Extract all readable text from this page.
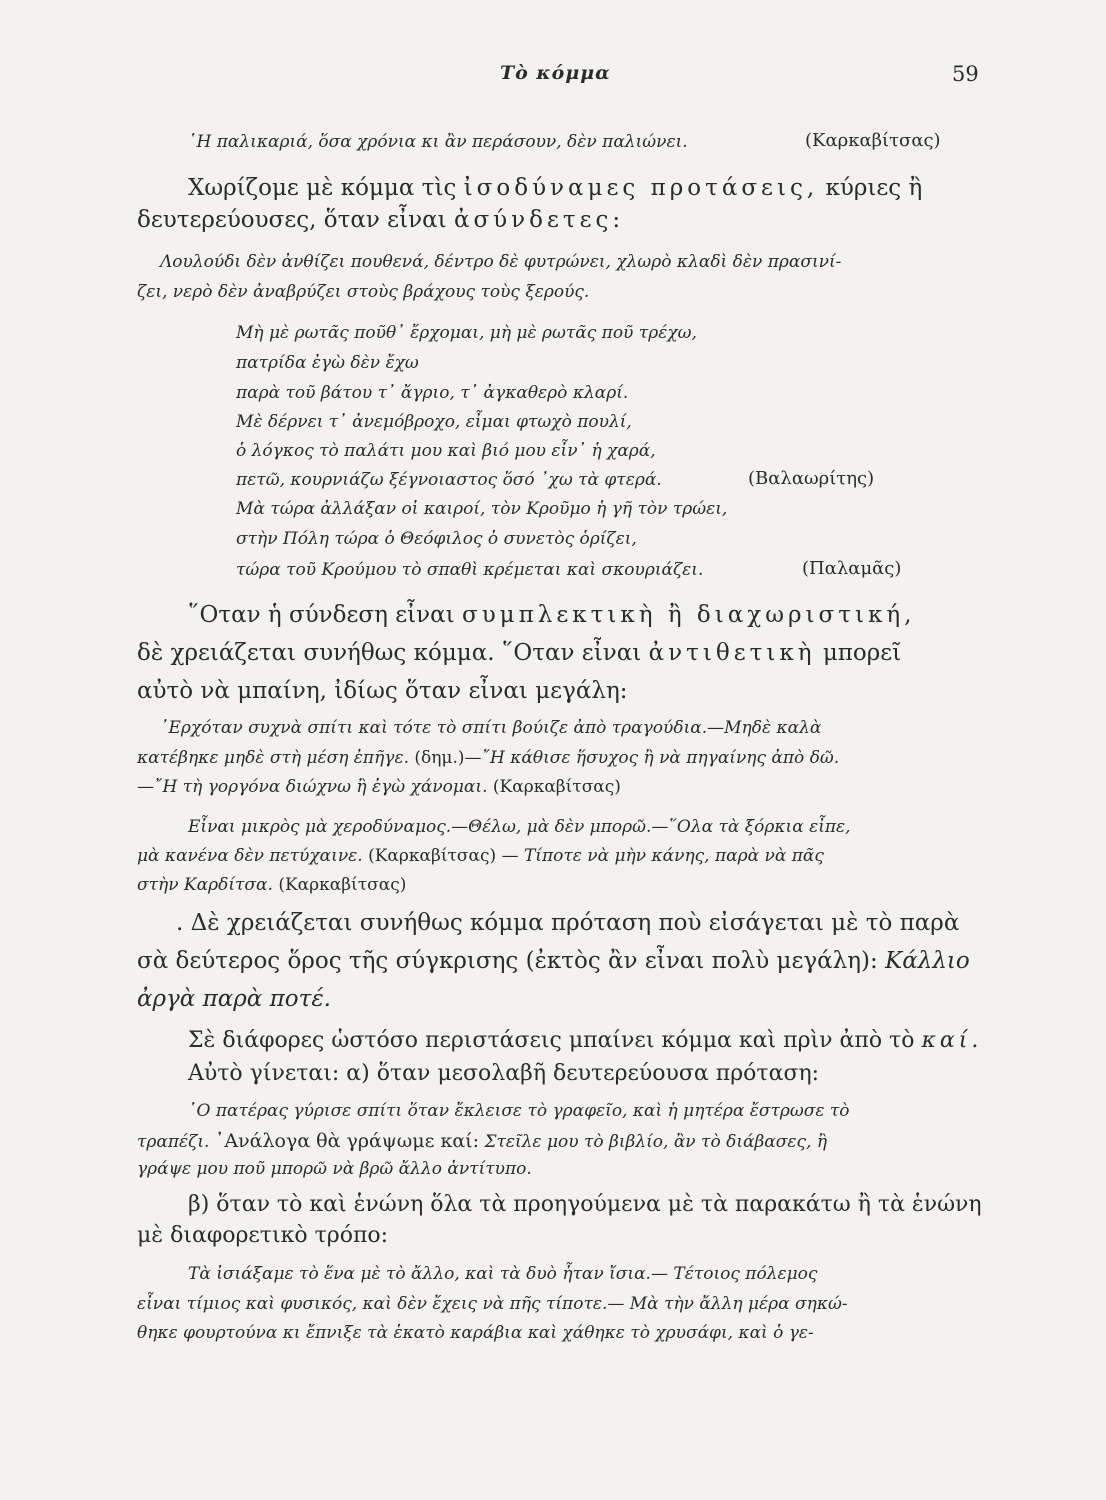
Τὸ κόμμα	59
῾Η παλικαριά, ὅσα χρόνια κι ἂν περάσουν, δὲν παλιώνει.	(Καρκαβίτσας)
Χωρίζομε μὲ κόμμα τὶς ἰσοδύναμες προτάσεις, κύριες ἢ
δευτερεύουσες, ὅταν εἶναι ἀσύνδετες:
Λουλούδι δὲν ἀνθίζει πουθενά, δέντρο δὲ φυτρώνει, χλωρὸ κλαδὶ δὲν πρασινί-
ζει, νερὸ δὲν ἀναβρύζει στοὺς βράχους τοὺς ξερούς.
Μὴ μὲ ρωτᾶς ποῦθ᾽ ἔρχομαι, μὴ μὲ ρωτᾶς ποῦ τρέχω,
πατρίδα ἐγὼ δὲν ἔχω
παρὰ τοῦ βάτου τ᾽ ἄγριο, τ᾽ ἀγκαθερὸ κλαρί.
Μὲ δέρνει τ᾽ ἀνεμόβροχο, εἶμαι φτωχὸ πουλί,
ὁ λόγκος τὸ παλάτι μου καὶ βιό μου εἶν᾽ ἡ χαρά,
πετῶ, κουρνιάζω ξέγνοιαστος ὅσό ᾽χω τὰ φτερά.	(Βαλαωρίτης)
Μὰ τώρα ἀλλάξαν οἱ καιροί, τὸν Κροῦμο ἡ γῆ τὸν τρώει,
στὴν Πόλη τώρα ὁ Θεόφιλος ὁ συνετὸς ὁρίζει,
τώρα τοῦ Κρούμου τὸ σπαθὶ κρέμεται καὶ σκουριάζει.	(Παλαμᾶς)
῞Οταν ἡ σύνδεση εἶναι συμπλεκτικὴ ἢ διαχωριστική,
δὲ χρειάζεται συνήθως κόμμα. ῞Οταν εἶναι ἀντιθετικὴ μπορεῖ
αὐτὸ νὰ μπαίνη, ἰδίως ὅταν εἶναι μεγάλη:
᾽Ερχόταν συχνὰ σπίτι καὶ τότε τὸ σπίτι βούιζε ἀπὸ τραγούδια.—Μηδὲ καλὰ
κατέβηκε μηδὲ στὴ μέση ἐπῆγε. (δημ.)—῎Η κάθισε ἥσυχος ἢ νὰ πηγαίνης ἀπὸ δῶ.
—῎Η τὴ γοργόνα διώχνω ἢ ἐγὼ χάνομαι. (Καρκαβίτσας)
Εἶναι μικρὸς μὰ χεροδύναμος.—Θέλω, μὰ δὲν μπορῶ.—῞Ολα τὰ ξόρκια εἶπε,
μὰ κανένα δὲν πετύχαινε. (Καρκαβίτσας) — Τίποτε νὰ μὴν κάνης, παρὰ νὰ πᾶς
στὴν Καρδίτσα. (Καρκαβίτσας)
. Δὲ χρειάζεται συνήθως κόμμα πρόταση ποὺ εἰσάγεται μὲ τὸ παρὰ
σὰ δεύτερος ὅρος τῆς σύγκρισης (ἐκτὸς ἂν εἶναι πολὺ μεγάλη): Κάλλιο
ἀργὰ παρὰ ποτέ.
Σὲ διάφορες ὡστόσο περιστάσεις μπαίνει κόμμα καὶ πρὶν ἀπὸ τὸ καί.
Αὐτὸ γίνεται: α) ὅταν μεσολαβῆ δευτερεύουσα πρόταση:
῾Ο πατέρας γύρισε σπίτι ὅταν ἔκλεισε τὸ γραφεῖο, καὶ ἡ μητέρα ἔστρωσε τὸ
τραπέζι. ᾽Ανάλογα θὰ γράψωμε καί: Στεῖλε μου τὸ βιβλίο, ἂν τὸ διάβασες, ἢ
γράψε μου ποῦ μπορῶ νὰ βρῶ ἄλλο ἀντίτυπο.
β) ὅταν τὸ καὶ ἑνώνη ὅλα τὰ προηγούμενα μὲ τὰ παρακάτω ἢ τὰ ἑνώνη
μὲ διαφορετικὸ τρόπο:
Τὰ ἰσιάξαμε τὸ ἕνα μὲ τὸ ἄλλο, καὶ τὰ δυὸ ἦταν ἴσια.— Τέτοιος πόλεμος
εἶναι τίμιος καὶ φυσικός, καὶ δὲν ἔχεις νὰ πῆς τίποτε.— Μὰ τὴν ἄλλη μέρα σηκώ-
θηκε φουρτούνα κι ἔπνιξε τὰ ἑκατὸ καράβια καὶ χάθηκε τὸ χρυσάφι, καὶ ὁ γε-
